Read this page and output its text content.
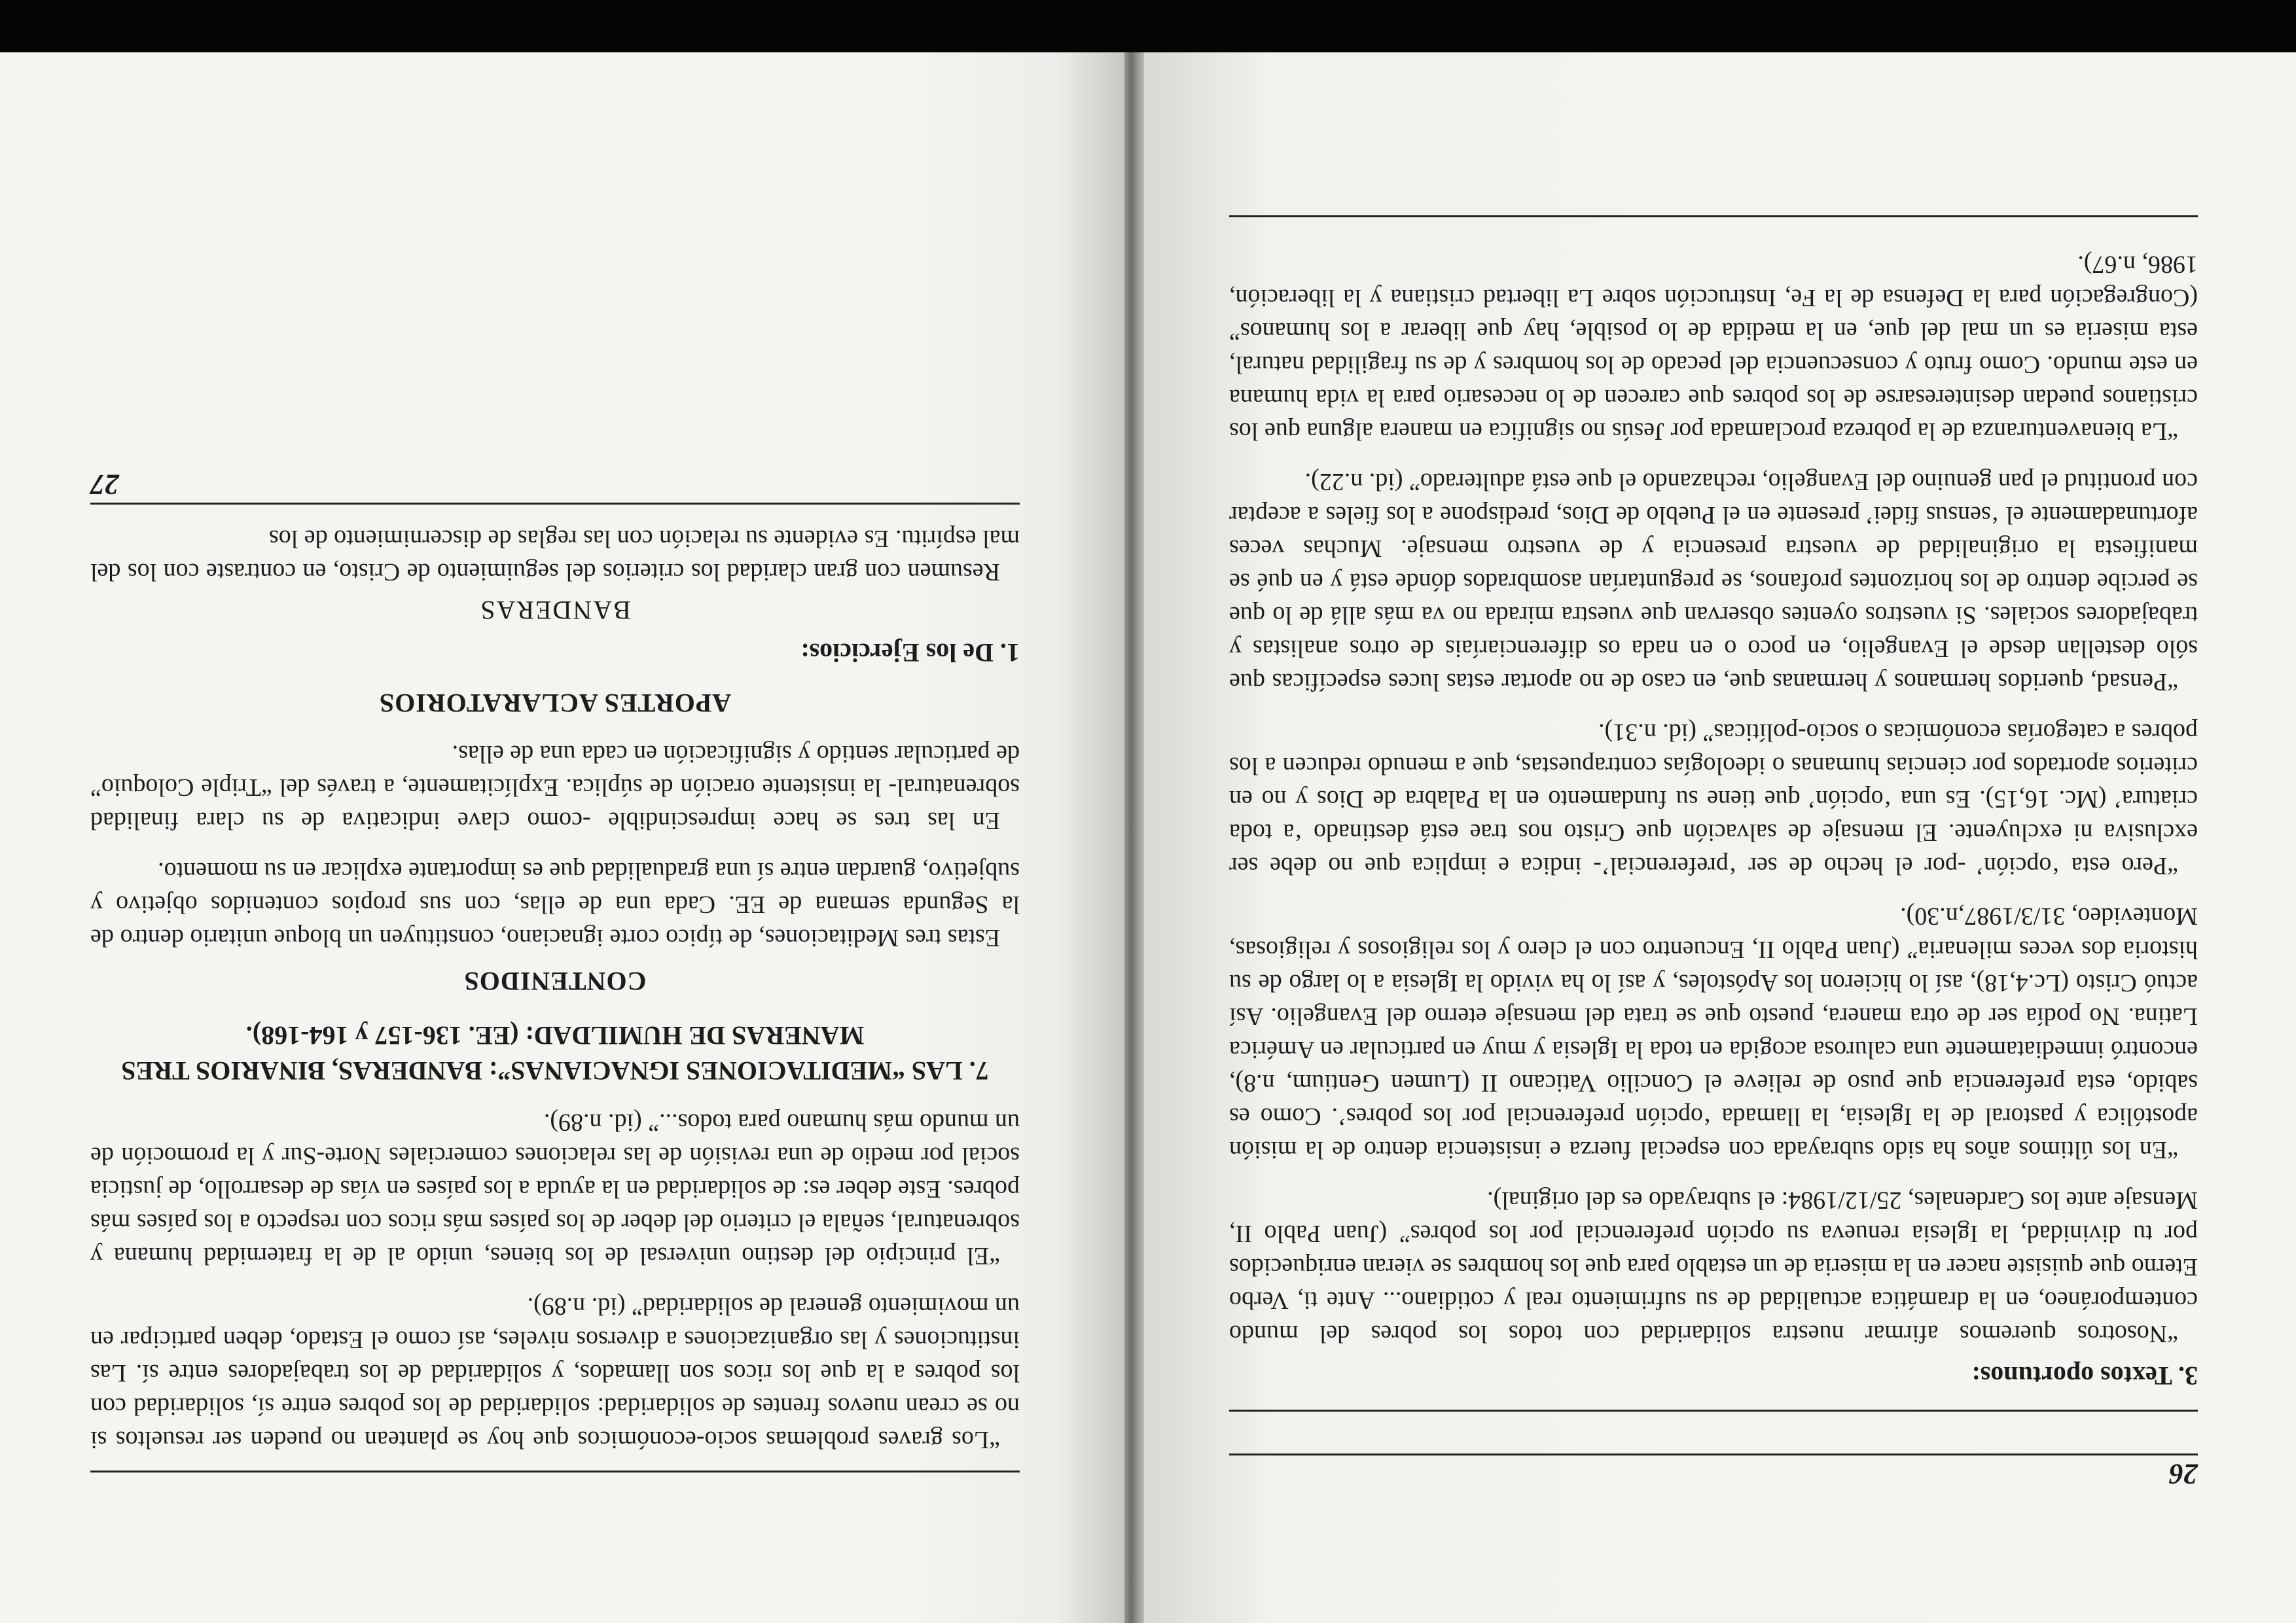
26
3. Textos oportunos:

“Nosotros queremos afirmar nuestra solidaridad con todos los pobres del mundo contemporáneo, en la dramática actualidad de su sufrimiento real y cotidiano... Ante ti, Verbo Eterno que quisiste nacer en la miseria de un establo para que los hombres se vieran enriquecidos por tu divinidad, la Iglesia renueva su opción preferencial por los pobres” (Juan Pablo II, Mensaje ante los Cardenales, 25/12/1984: el subrayado es del original).

“En los últimos años ha sido subrayada con especial fuerza e insistencia dentro de la misión apostólica y pastoral de la Iglesia, la llamada ‘opción preferencial por los pobres’. Como es sabido, esta preferencia que puso de relieve el Concilio Vaticano II (Lumen Gentium, n.8), encontró inmediatamente una calurosa acogida en toda la Iglesia y muy en particular en América Latina. No podía ser de otra manera, puesto que se trata del mensaje eterno del Evangelio. Así actuó Cristo (Lc.4,18), así lo hicieron los Apóstoles, y así lo ha vivido la Iglesia a lo largo de su historia dos veces milenaria” (Juan Pablo II, Encuentro con el clero y los religiosos y religiosas, Montevideo, 31/3/1987,n.30).

“Pero esta ‘opción’ -por el hecho de ser ‘preferencial’- indica e implica que no debe ser exclusiva ni excluyente. El mensaje de salvación que Cristo nos trae está destinado ‘a toda criatura’ (Mc. 16,15). Es una ‘opción’ que tiene su fundamento en la Palabra de Dios y no en criterios aportados por ciencias humanas o ideologías contrapuestas, que a menudo reducen a los pobres a categorías económicas o socio-políticas” (id. n.31).

“Pensad, queridos hermanos y hermanas que, en caso de no aportar estas luces específicas que sólo destellan desde el Evangelio, en poco o en nada os diferenciaríais de otros analistas y trabajadores sociales. Si vuestros oyentes observan que vuestra mirada no va más allá de lo que se percibe dentro de los horizontes profanos, se preguntarían asombrados dónde está y en qué se manifiesta la originalidad de vuestra presencia y de vuestro mensaje. Muchas veces afortunadamente el ‘sensus fidei’ presente en el Pueblo de Dios, predispone a los fieles a aceptar con prontitud el pan genuino del Evangelio, rechazando el que está adulterado” (id. n.22).

“La bienaventuranza de la pobreza proclamada por Jesús no significa en manera alguna que los cristianos puedan desinteresarse de los pobres que carecen de lo necesario para la vida humana en este mundo. Como fruto y consecuencia del pecado de los hombres y de su fragilidad natural, esta miseria es un mal del que, en la medida de lo posible, hay que liberar a los humanos” (Congregación para la Defensa de la Fe, Instrucción sobre La libertad cristiana y la liberación, 1986, n.67).

“Los graves problemas socio-económicos que hoy se plantean no pueden ser resueltos si no se crean nuevos frentes de solidaridad: solidaridad de los pobres entre sí, solidaridad con los pobres a la que los ricos son llamados, y solidaridad de los trabajadores entre sí. Las instituciones y las organizaciones a diversos niveles, así como el Estado, deben participar en un movimiento general de solidaridad” (id. n.89).

“El principio del destino universal de los bienes, unido al de la fraternidad humana y sobrenatural, señala el criterio del deber de los países más ricos con respecto a los países más pobres. Este deber es: de solidaridad en la ayuda a los países en vías de desarrollo, de justicia social por medio de una revisión de las relaciones comerciales Norte-Sur y la promoción de un mundo más humano para todos...” (id. n.89).

7. LAS “MEDITACIONES IGNACIANAS”: BANDERAS, BINARIOS TRES MANERAS DE HUMILDAD: (EE. 136-157 y 164-168).
CONTENIDOS

Estas tres Meditaciones, de típico corte ignaciano, constituyen un bloque unitario dentro de la Segunda semana de EE. Cada una de ellas, con sus propios contenidos objetivo y subjetivo, guardan entre sí una gradualidad que es importante explicar en su momento.

En las tres se hace imprescindible -como clave indicativa de su clara finalidad sobrenatural- la insistente oración de súplica. Explícitamente, a través del “Triple Coloquio” de particular sentido y significación en cada una de ellas.

APORTES ACLARATORIOS
1. De los Ejercicios:
BANDERAS

Resumen con gran claridad los criterios del seguimiento de Cristo, en contraste con los del mal espíritu. Es evidente su relación con las reglas de discernimiento de los

27
